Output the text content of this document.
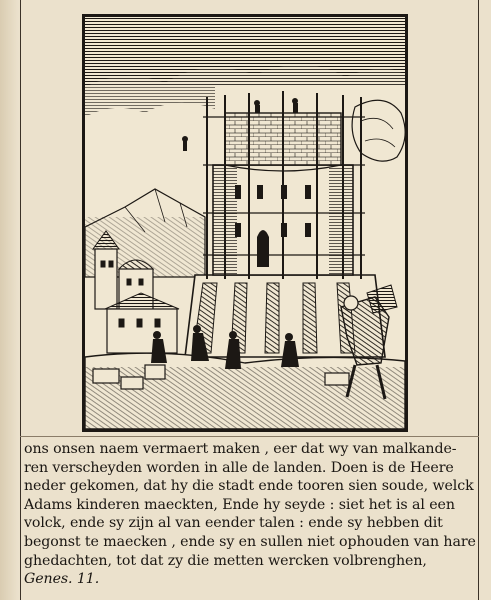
ons onsen naem vermaert maken , eer dat wy van malkande-
ren verscheyden worden in alle de landen. Doen is de Heere
neder gekomen, dat hy die stadt ende tooren sien soude, welck
Adams kinderen maeckten, Ende hy seyde : siet het is al een
volck, ende sy zijn al van eender talen : ende sy hebben dit
begonst te maecken , ende sy en sullen niet ophouden van hare
ghedachten, tot dat zy die metten wercken volbrenghen,
Genes. 11.
